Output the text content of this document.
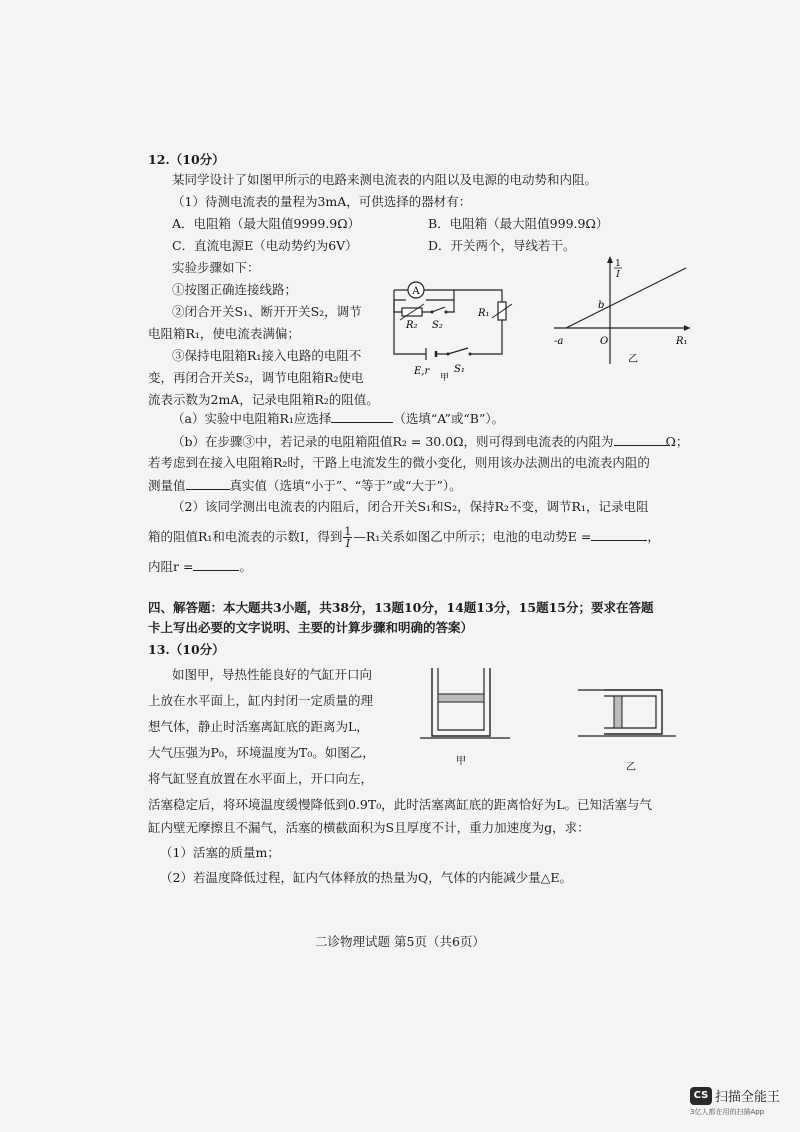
12.（10分）
某同学设计了如图甲所示的电路来测电流表的内阻以及电源的电动势和内阻。
（1）待测电流表的量程为3mA，可供选择的器材有：
A．电阻箱（最大阻值9999.9Ω）	B．电阻箱（最大阻值999.9Ω）
C．直流电源E（电动势约为6V）	D．开关两个，导线若干。
实验步骤如下：
①按图正确连接线路；
②闭合开关S₁、断开开关S₂，调节
电阻箱R₁，使电流表满偏；
③保持电阻箱R₁接入电路的电阻不
变，再闭合开关S₂，调节电阻箱R₂使电
流表示数为2mA，记录电阻箱R₂的阻值。
A
R₂ S₂
R₁
E,r S₁
甲
1
I
b
-a	O	R₁
乙
（a）实验中电阻箱R₁应选择	（选填“A”或“B”）。
（b）在步骤③中，若记录的电阻箱阻值R₂ = 30.0Ω，则可得到电流表的内阻为	Ω；
若考虑到在接入电阻箱R₂时，干路上电流发生的微小变化，则用该办法测出的电流表内阻的
测量值	真实值（选填“小于”、“等于”或“大于”）。
（2）该同学测出电流表的内阻后，闭合开关S₁和S₂，保持R₂不变，调节R₁，记录电阻
箱的阻值R₁和电流表的示数I，得到 $\frac{1}{I}$ —R₁关系如图乙中所示；电池的电动势E =	，
内阻r =	。
四、解答题：本大题共3小题，共38分，13题10分，14题13分，15题15分；要求在答题
卡上写出必要的文字说明、主要的计算步骤和明确的答案）
13.（10分）
如图甲，导热性能良好的气缸开口向
上放在水平面上，缸内封闭一定质量的理
想气体，静止时活塞离缸底的距离为L，
大气压强为P₀，环境温度为T₀。如图乙，
将气缸竖直放置在水平面上，开口向左，
活塞稳定后，将环境温度缓慢降低到0.9T₀，此时活塞离缸底的距离恰好为L。已知活塞与气
缸内壁无摩擦且不漏气，活塞的横截面积为S且厚度不计，重力加速度为g，求：
（1）活塞的质量m；
（2）若温度降低过程，缸内气体释放的热量为Q，气体的内能减少量△E。
甲
乙
二诊物理试题 第5页（共6页）
CS 扫描全能王
3亿人都在用的扫描App
